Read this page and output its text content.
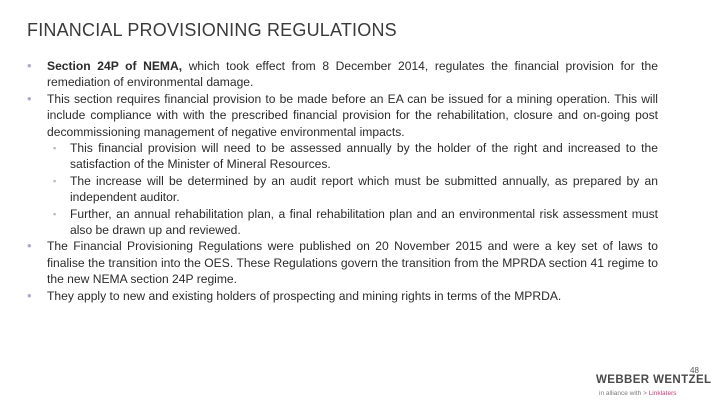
FINANCIAL PROVISIONING REGULATIONS
• Section 24P of NEMA, which took effect from 8 December 2014, regulates the financial provision for the remediation of environmental damage.
• This section requires financial provision to be made before an EA can be issued for a mining operation. This will include compliance with with the prescribed financial provision for the rehabilitation, closure and on-going post decommissioning management of negative environmental impacts.
▪ This financial provision will need to be assessed annually by the holder of the right and increased to the satisfaction of the Minister of Mineral Resources.
▪ The increase will be determined by an audit report which must be submitted annually, as prepared by an independent auditor.
▪ Further, an annual rehabilitation plan, a final rehabilitation plan and an environmental risk assessment must also be drawn up and reviewed.
• The Financial Provisioning Regulations were published on 20 November 2015 and were a key set of laws to finalise the transition into the OES. These Regulations govern the transition from the MPRDA section 41 regime to the new NEMA section 24P regime.
• They apply to new and existing holders of prospecting and mining rights in terms of the MPRDA.
48
WEBBER WENTZEL
in alliance with > Linklaters
